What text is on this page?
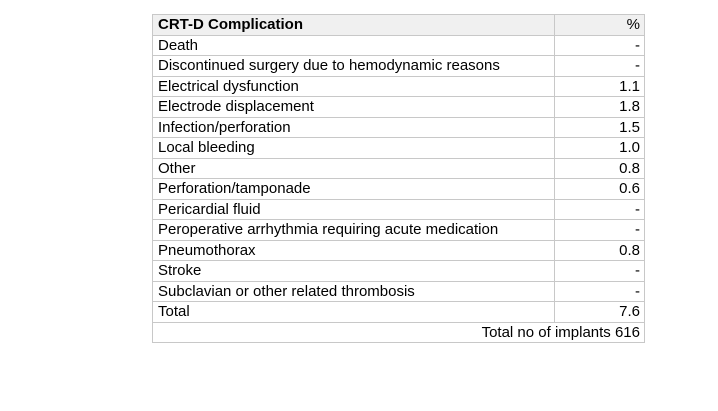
CRT-D Complication	%
Death	-
Discontinued surgery due to hemodynamic reasons	-
Electrical dysfunction	1.1
Electrode displacement	1.8
Infection/perforation	1.5
Local bleeding	1.0
Other	0.8
Perforation/tamponade	0.6
Pericardial fluid	-
Peroperative arrhythmia requiring acute medication	-
Pneumothorax	0.8
Stroke	-
Subclavian or other related thrombosis	-
Total	7.6
Total no of implants 616	
